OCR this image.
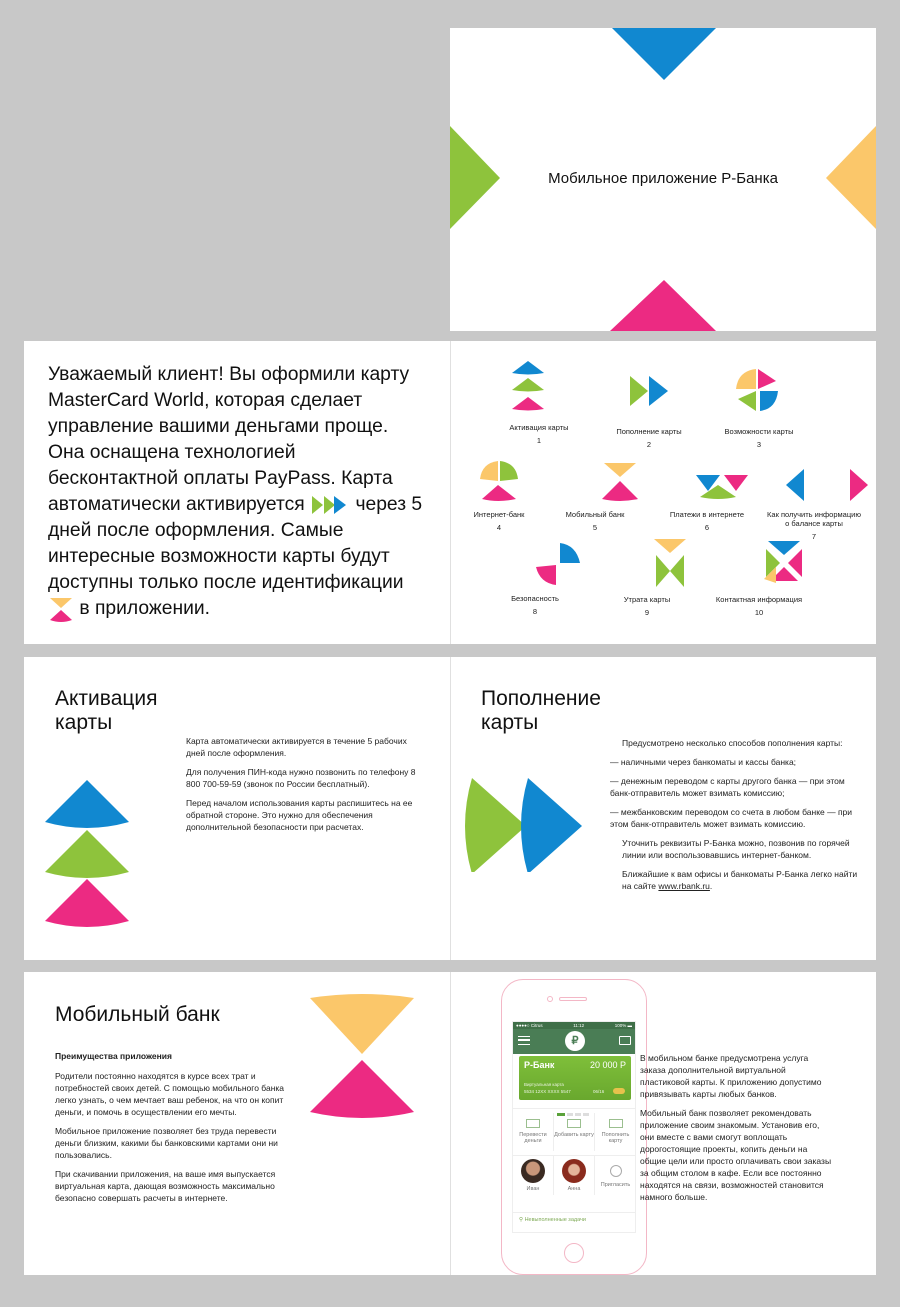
Мобильное приложение Р-Банка
Уважаемый клиент! Вы оформили карту MasterCard World, которая сделает управление вашими деньгами проще. Она оснащена технологией бесконтактной оплаты PayPass. Карта автоматически активируется	через 5 дней после оформления. Самые интересные возможности карты будут доступны только после идентификации
в приложении.
Активация карты
1
Пополнение карты
2
Возможности карты
3
Интернет-банк
4
Мобильный банк
5
Платежи в интернете
6
Как получить информацию о балансе карты
7
Безопасность
8
Утрата карты
9
Контактная информация
10
Активация карты

Карта автоматически активируется в течение 5 рабочих дней после оформления.

Для получения ПИН-кода нужно позвонить по телефону 8 800 700-59-59 (звонок по России бесплатный).

Перед началом использования карты распишитесь на ее обратной стороне. Это нужно для обеспечения дополнительной безопасности при расчетах.

Пополнение карты

Предусмотрено несколько способов пополнения карты:

— наличными через банкоматы и кассы банка;

— денежным переводом с карты другого банка — при этом банк-отправитель может взимать комиссию;

— межбанковским переводом со счета в любом банке — при этом банк-отправитель может взимать комиссию.

Уточнить реквизиты Р-Банка можно, позвонив по горячей линии или воспользовавшись интернет-банком.

Ближайшие к вам офисы и банкоматы Р-Банка легко найти на сайте www.rbank.ru.

Мобильный банк

Преимущества приложения

Родители постоянно находятся в курсе всех трат и потребностей своих детей. С помощью мобильного банка легко узнать, о чем мечтает ваш ребенок, на что он копит деньги, и помочь в осуществлении его мечты.

Мобильное приложение позволяет без труда перевести деньги близким, какими бы банковскими картами они ни пользовались.

При скачивании приложения, на ваше имя выпускается виртуальная карта, дающая возможность максимально безопасно совершать расчеты в интернете.

●●●●○ Citrus	11:12	100% ▬
₽
Р-Банк	20 000 Р
Виртуальная карта
5534 12XX XXXX 5547	06/16
Перевести деньги
Добавить карту	Пополнить карту
Иван	Анна
Пригласить
⚲ Невыполненные задачи

В мобильном банке предусмотрена услуга заказа дополнительной виртуальной пластиковой карты. К приложению допустимо привязывать карты любых банков.

Мобильный банк позволяет рекомендовать приложение своим знакомым. Установив его, они вместе с вами смогут воплощать дорогостоящие проекты, копить деньги на общие цели или просто оплачивать свои заказы за общим столом в кафе. Если все постоянно находятся на связи, возможностей становится намного больше.
